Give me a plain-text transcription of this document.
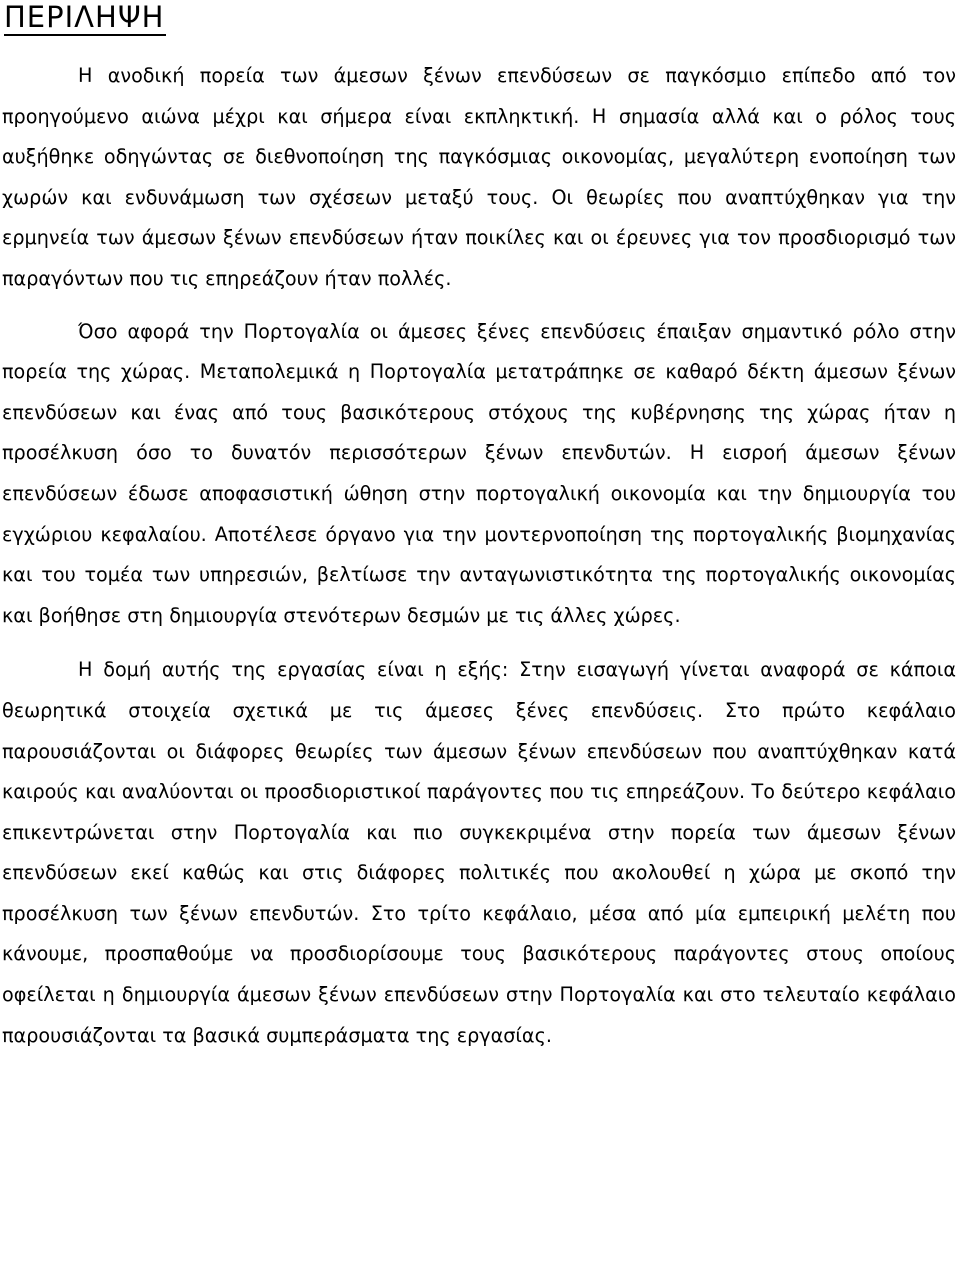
ΠΕΡΙΛΗΨΗ

Η ανοδική πορεία των άμεσων ξένων επενδύσεων σε παγκόσμιο επίπεδο από τον προηγούμενο αιώνα μέχρι και σήμερα είναι εκπληκτική. Η σημασία αλλά και ο ρόλος τους αυξήθηκε οδηγώντας σε διεθνοποίηση της παγκόσμιας οικονομίας, μεγαλύτερη ενοποίηση των χωρών και ενδυνάμωση των σχέσεων μεταξύ τους. Οι θεωρίες που αναπτύχθηκαν για την ερμηνεία των άμεσων ξένων επενδύσεων ήταν ποικίλες και οι έρευνες για τον προσδιορισμό των παραγόντων που τις επηρεάζουν ήταν πολλές.

Όσο αφορά την Πορτογαλία οι άμεσες ξένες επενδύσεις έπαιξαν σημαντικό ρόλο στην πορεία της χώρας. Μεταπολεμικά η Πορτογαλία μετατράπηκε σε καθαρό δέκτη άμεσων ξένων επενδύσεων και ένας από τους βασικότερους στόχους της κυβέρνησης της χώρας ήταν η προσέλκυση όσο το δυνατόν περισσότερων ξένων επενδυτών. Η εισροή άμεσων ξένων επενδύσεων έδωσε αποφασιστική ώθηση στην πορτογαλική οικονομία και την δημιουργία του εγχώριου κεφαλαίου. Αποτέλεσε όργανο για την μοντερνοποίηση της πορτογαλικής βιομηχανίας και του τομέα των υπηρεσιών, βελτίωσε την ανταγωνιστικότητα της πορτογαλικής οικονομίας και βοήθησε στη δημιουργία στενότερων δεσμών με τις άλλες χώρες.

Η δομή αυτής της εργασίας είναι η εξής: Στην εισαγωγή γίνεται αναφορά σε κάποια θεωρητικά στοιχεία σχετικά με τις άμεσες ξένες επενδύσεις. Στο πρώτο κεφάλαιο παρουσιάζονται οι διάφορες θεωρίες των άμεσων ξένων επενδύσεων που αναπτύχθηκαν κατά καιρούς και αναλύονται οι προσδιοριστικοί παράγοντες που τις επηρεάζουν. Το δεύτερο κεφάλαιο επικεντρώνεται στην Πορτογαλία και πιο συγκεκριμένα στην πορεία των άμεσων ξένων επενδύσεων εκεί καθώς και στις διάφορες πολιτικές που ακολουθεί η χώρα με σκοπό την προσέλκυση των ξένων επενδυτών. Στο τρίτο κεφάλαιο, μέσα από μία εμπειρική μελέτη που κάνουμε, προσπαθούμε να προσδιορίσουμε τους βασικότερους παράγοντες στους οποίους οφείλεται η δημιουργία άμεσων ξένων επενδύσεων στην Πορτογαλία και στο τελευταίο κεφάλαιο παρουσιάζονται τα βασικά συμπεράσματα της εργασίας.
